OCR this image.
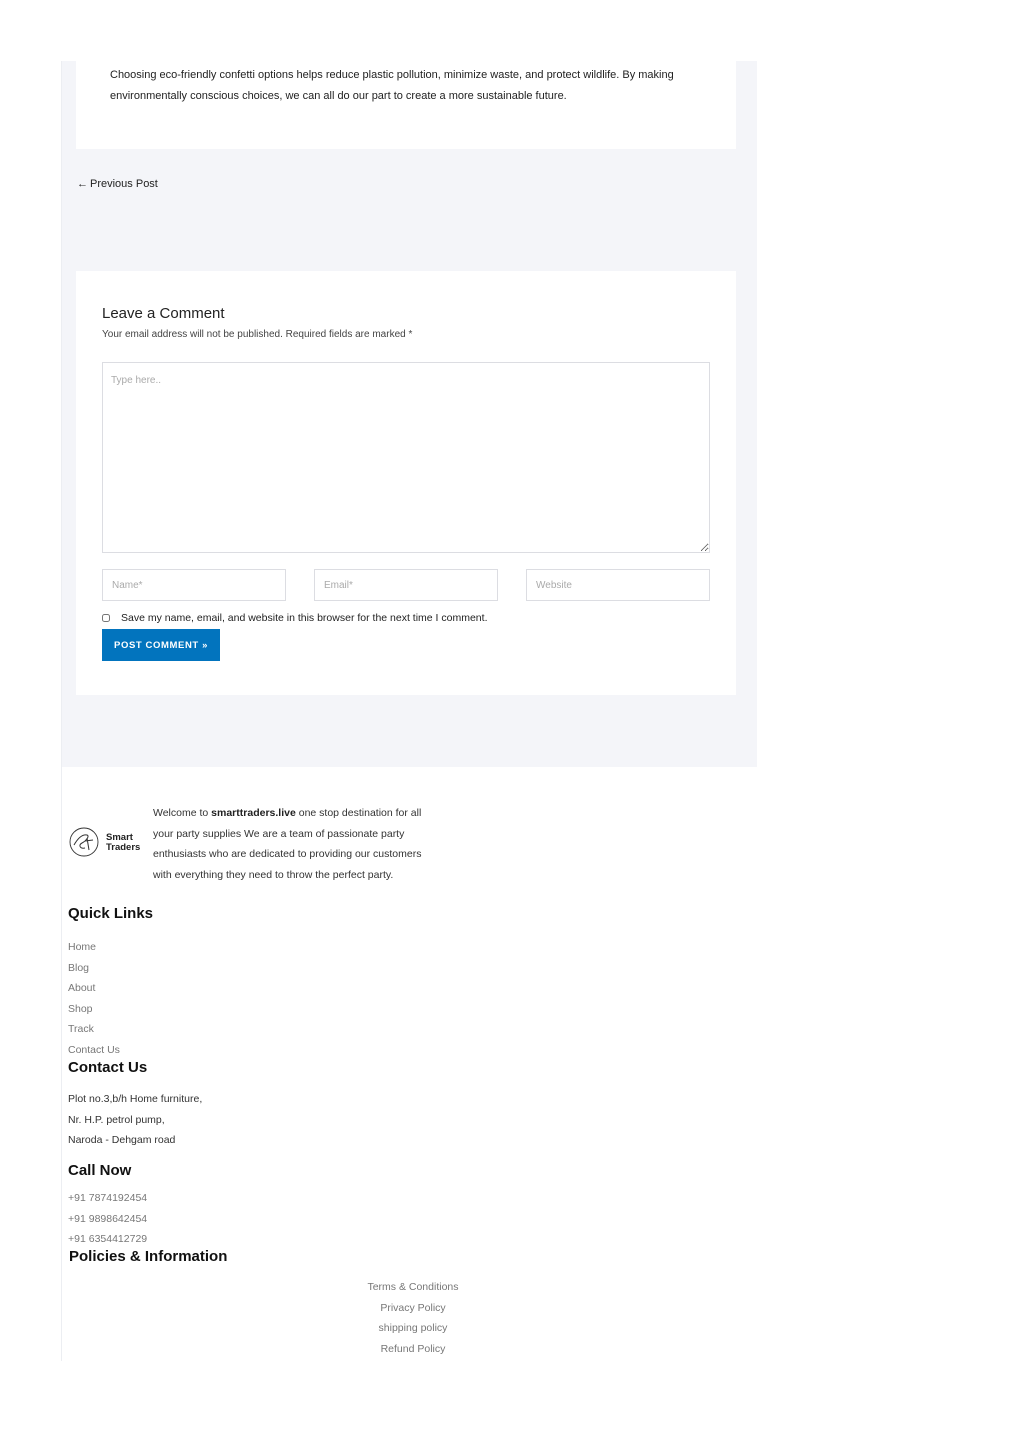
Choosing eco-friendly confetti options helps reduce plastic pollution, minimize waste, and protect wildlife. By making environmentally conscious choices, we can all do our part to create a more sustainable future.

← Previous Post
Leave a Comment

Your email address will not be published. Required fields are marked *

Type here..
Name*
Email*
Website
Save my name, email, and website in this browser for the next time I comment.
POST COMMENT »
Smart
Traders

Welcome to smarttraders.live one stop destination for all your party supplies We are a team of passionate party enthusiasts who are dedicated to providing our customers with everything they need to throw the perfect party.

Quick Links
Home
Blog
About
Shop
Track
Contact Us
Contact Us
Plot no.3,b/h Home furniture,
Nr. H.P. petrol pump,
Naroda - Dehgam road
Call Now
+91 7874192454
+91 9898642454
+91 6354412729
Policies & Information
Terms & Conditions
Privacy Policy
shipping policy
Refund Policy
